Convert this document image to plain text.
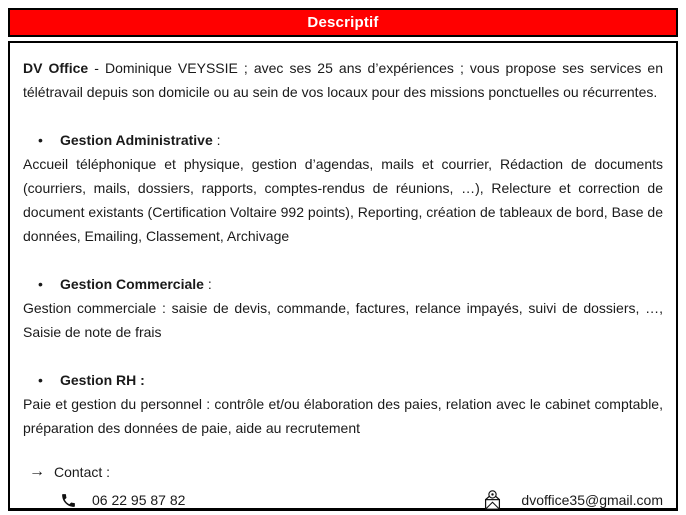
Descriptif

DV Office - Dominique VEYSSIE ; avec ses 25 ans d’expériences ; vous propose ses services en télétravail depuis son domicile ou au sein de vos locaux pour des missions ponctuelles ou récurrentes.

• Gestion Administrative :

Accueil téléphonique et physique, gestion d’agendas, mails et courrier, Rédaction de documents (courriers, mails, dossiers, rapports, comptes-rendus de réunions, …), Relecture et correction de document existants (Certification Voltaire 992 points), Reporting, création de tableaux de bord, Base de données, Emailing, Classement, Archivage

• Gestion Commerciale :

Gestion commerciale : saisie de devis, commande, factures, relance impayés, suivi de dossiers, …, Saisie de note de frais

• Gestion RH :

Paie et gestion du personnel : contrôle et/ou élaboration des paies, relation avec le cabinet comptable, préparation des données de paie, aide au recrutement

→ Contact :
06 22 95 87 82	dvoffice35@gmail.com
